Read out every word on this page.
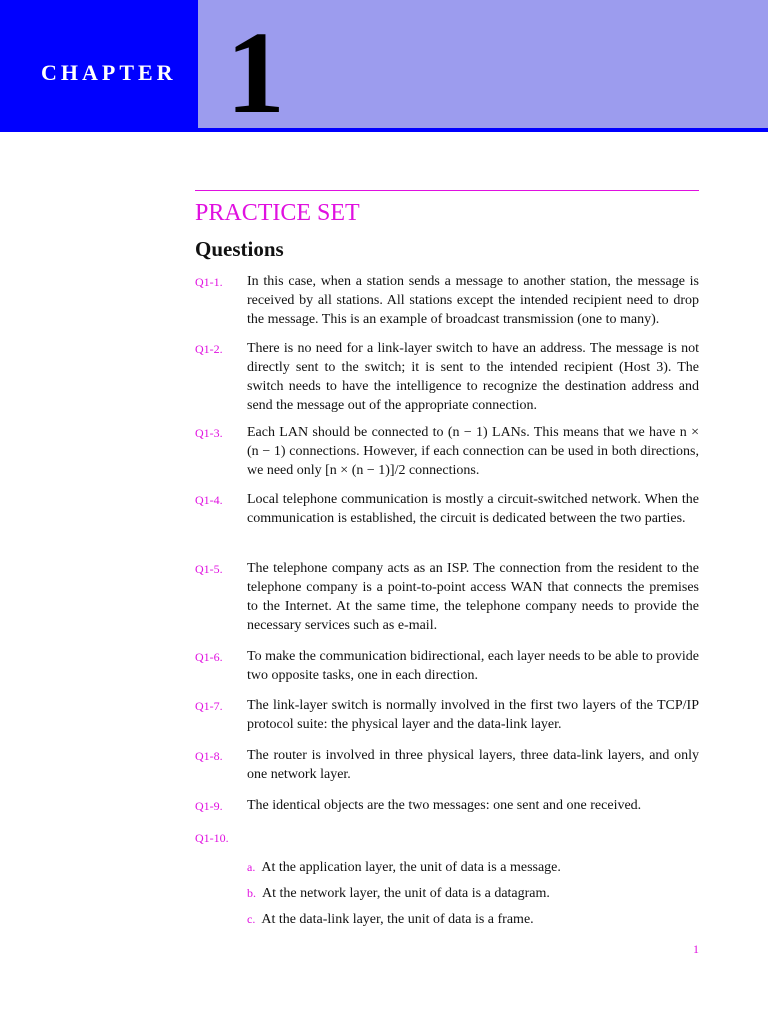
CHAPTER 1
PRACTICE SET
Questions
Q1-1. In this case, when a station sends a message to another station, the message is received by all stations. All stations except the intended recipient need to drop the message. This is an example of broadcast transmission (one to many).
Q1-2. There is no need for a link-layer switch to have an address. The message is not directly sent to the switch; it is sent to the intended recipient (Host 3). The switch needs to have the intelligence to recognize the destination address and send the message out of the appropriate connection.
Q1-3. Each LAN should be connected to (n − 1) LANs. This means that we have n × (n − 1) connections. However, if each connection can be used in both directions, we need only [n × (n − 1)]/2 connections.
Q1-4. Local telephone communication is mostly a circuit-switched network. When the communication is established, the circuit is dedicated between the two parties.
Q1-5. The telephone company acts as an ISP. The connection from the resident to the telephone company is a point-to-point access WAN that connects the premises to the Internet. At the same time, the telephone company needs to provide the necessary services such as e-mail.
Q1-6. To make the communication bidirectional, each layer needs to be able to provide two opposite tasks, one in each direction.
Q1-7. The link-layer switch is normally involved in the first two layers of the TCP/IP protocol suite: the physical layer and the data-link layer.
Q1-8. The router is involved in three physical layers, three data-link layers, and only one network layer.
Q1-9. The identical objects are the two messages: one sent and one received.
Q1-10.
a. At the application layer, the unit of data is a message.
b. At the network layer, the unit of data is a datagram.
c. At the data-link layer, the unit of data is a frame.
1
